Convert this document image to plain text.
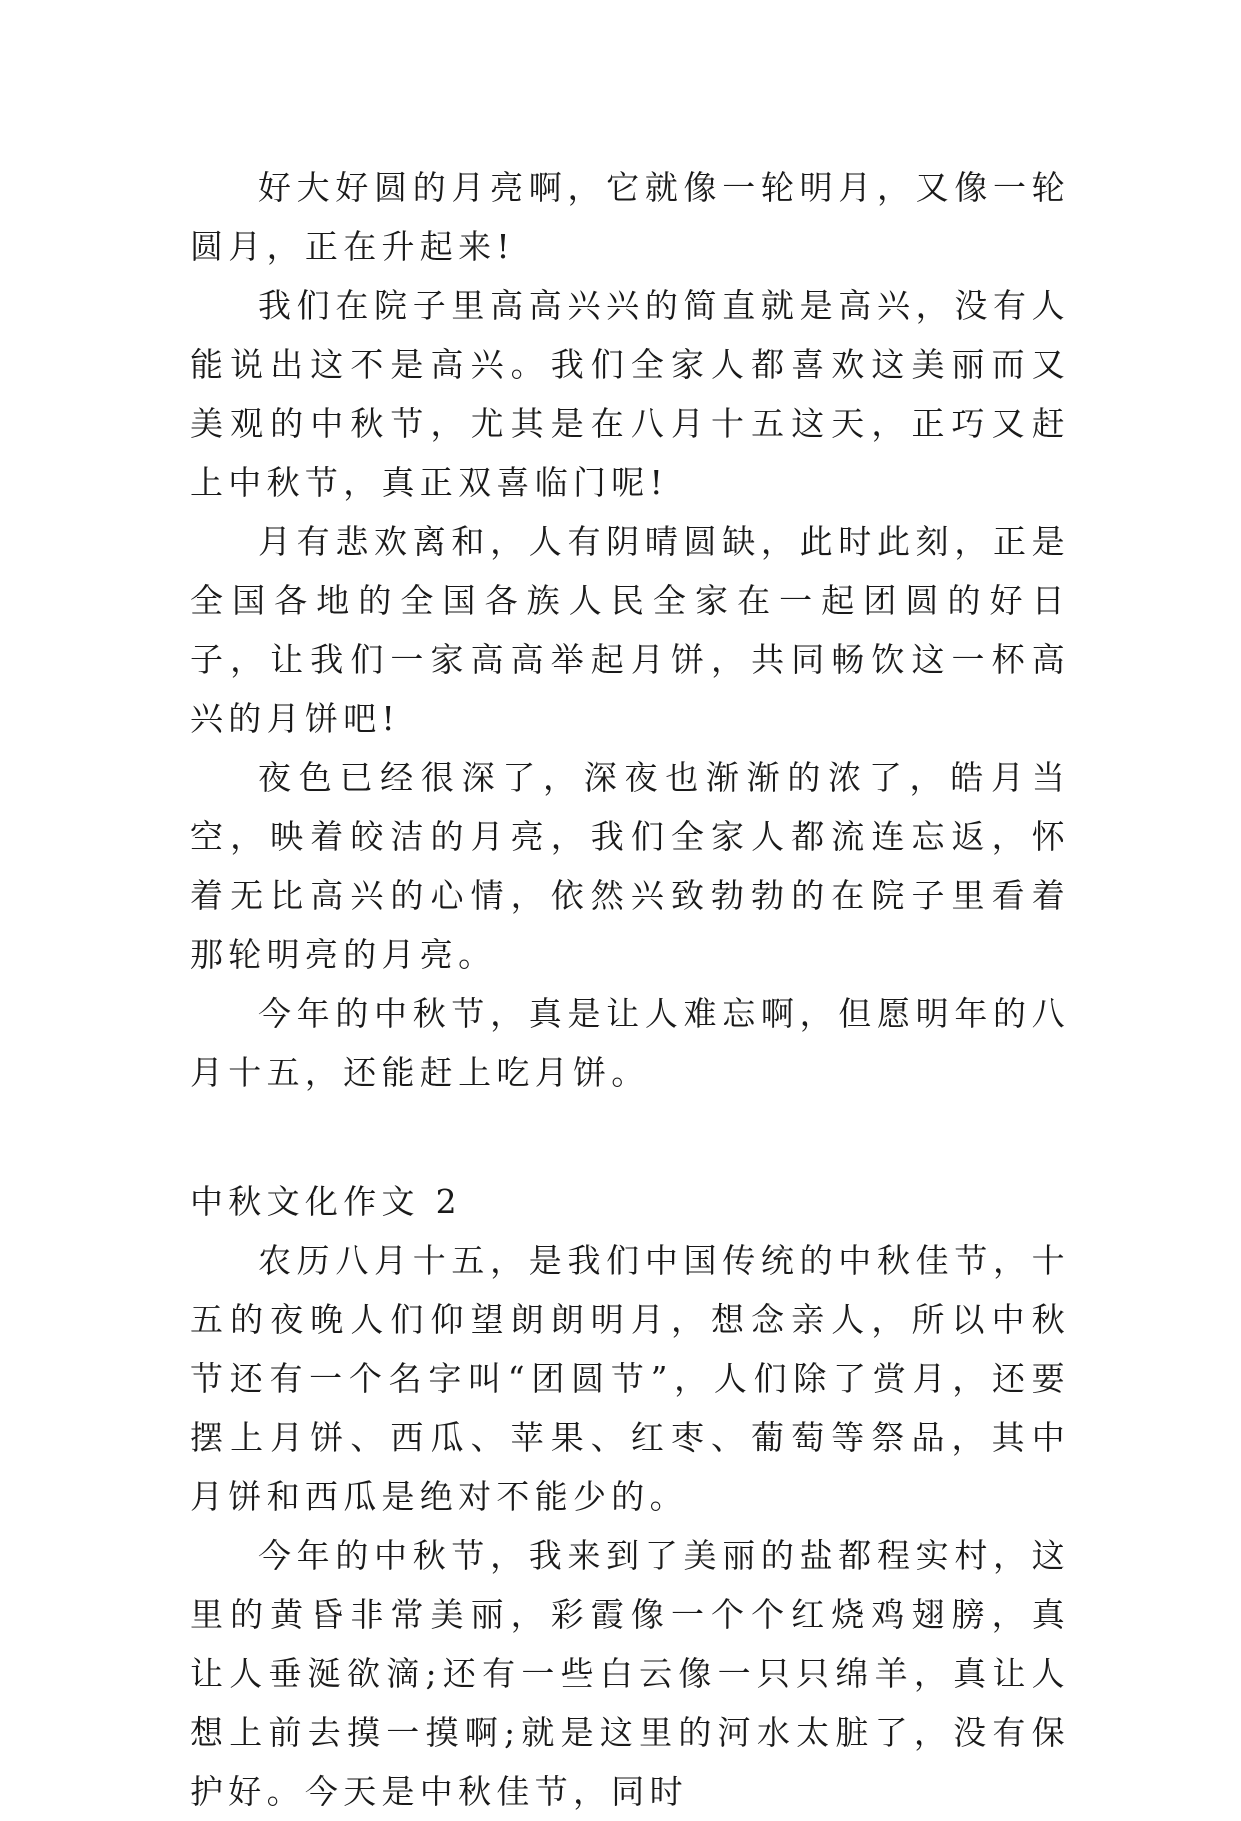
好大好圆的月亮啊，它就像一轮明月，又像一轮圆月，正在升起来!

我们在院子里高高兴兴的简直就是高兴，没有人能说出这不是高兴。我们全家人都喜欢这美丽而又美观的中秋节，尤其是在八月十五这天，正巧又赶上中秋节，真正双喜临门呢!

月有悲欢离和，人有阴晴圆缺，此时此刻，正是全国各地的全国各族人民全家在一起团圆的好日子，让我们一家高高举起月饼，共同畅饮这一杯高兴的月饼吧!

夜色已经很深了，深夜也渐渐的浓了，皓月当空，映着皎洁的月亮，我们全家人都流连忘返，怀着无比高兴的心情，依然兴致勃勃的在院子里看着那轮明亮的月亮。

今年的中秋节，真是让人难忘啊，但愿明年的八月十五，还能赶上吃月饼。

中秋文化作文 2

农历八月十五，是我们中国传统的中秋佳节，十五的夜晚人们仰望朗朗明月，想念亲人，所以中秋节还有一个名字叫“团圆节”，人们除了赏月，还要摆上月饼、西瓜、苹果、红枣、葡萄等祭品，其中月饼和西瓜是绝对不能少的。

今年的中秋节，我来到了美丽的盐都程实村，这里的黄昏非常美丽，彩霞像一个个红烧鸡翅膀，真让人垂涎欲滴;还有一些白云像一只只绵羊，真让人想上前去摸一摸啊;就是这里的河水太脏了，没有保护好。今天是中秋佳节，同时
